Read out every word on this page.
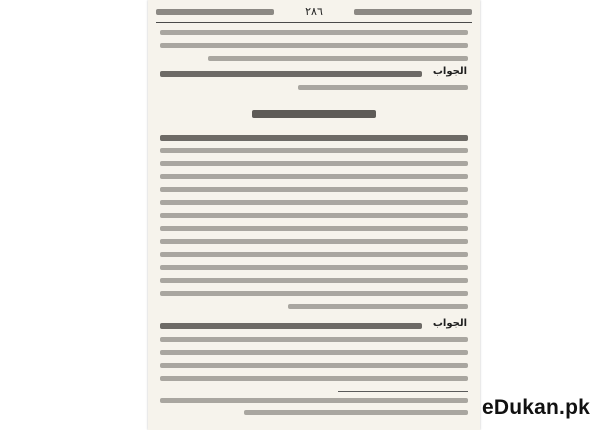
٢٨٦
الجواب
الجواب
eDukan.pk
